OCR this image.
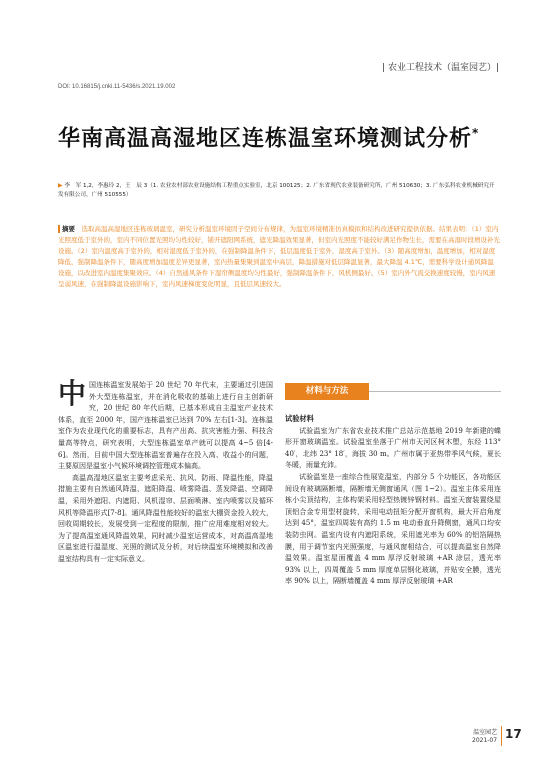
| 农业工程技术（温室园艺）|
DOI: 10.16815/j.cnki.11-5436/s.2021.19.002
华南高温高湿地区连栋温室环境测试分析*
▶ 李　军 1,2，李惠玲 2，王　辰 3（1. 农业农村部农业设施结构工程重点实验室，北京 100125；2. 广东省现代农业装备研究所，广州 510630；3. 广东弘科农业机械研究开发有限公司，广州 510555）
摘要　 选取高温高湿地区连栋玻璃温室，研究分析温室环境因子空间分布规律，为温室环境精准仿真模拟和结构改进研究提供依据。结果表明：（1）室内光照度低于室外的，室内不同位置光照均匀性较好，铺开遮阳网系统，遮光降温效果显著，但室内光照度不能较好满足作物生长，需要在高湿时段增设补光设施。（2）室内温度高于室外的，相对湿度低于室外的，在强制降温条件下，低层温度低于室外，湿度高于室外。（3）随高度增加，温度增加，相对湿度降低，强制降温条件下，随高度增加温度差异更显著，室内热量集聚到温室中高层，降温措施对低层降温显著，最大降温 4.1℃，需要科学设计通风降温设施，以改进室内温度集聚效应。（4）自然通风条件下湿帘侧温度均匀性最好，强制降温条件下，风机侧最好。（5）室内外气流交换速度较慢，室内风速呈弱风速，在强制降温设施影响下，室内风速梯度变化明显，且低层风速较大。
中 国连栋温室发展始于 20 世纪 70 年代末，主要通过引进国外大型连栋温室，并在消化吸收的基础上进行自主创新研究，20 世纪 80 年代后期，已基本形成自主温室产业技术体系，直至 2000 年，国产连栋温室已达到 70% 左右[1-3]。连栋温室作为农业现代化的重要标志，具有产出高、抗灾害能力强、科技含量高等特点，研究表明，大型连栋温室单产就可以提高 4~5 倍[4-6]。然而，目前中国大型连栋温室普遍存在投入高、收益小的问题，主要原因是温室小气候环境调控管理成本偏高。

高温高湿地区温室主要考虑采光、抗风、防雨、降温性能，降温措施主要有自然通风降温、遮阳降温、喷雾降温、蒸发降温、空调降温，采用外遮阳、内遮阳、风机湿帘、层面喷淋、室内喷雾以及循环风机等降温形式[7-8]。通风降温性能较好的温室大棚资金投入较大，回收周期较长，发展受到一定程度的限制，推广应用难度相对较大。为了提高温室通风降温效果，同时减少温室运营成本，对高温高湿地区温室进行温湿度、光照的测试及分析，对后续温室环境模拟和改善温室结构具有一定实际意义。

材料与方法
试验材料

试验温室为广东省农业技术推广总站示范基地 2019 年新建的蝶形开窗玻璃温室。试验温室坐落于广州市天河区柯木塱，东经 113° 40′，北纬 23° 18′，海拔 30 m。广州市属于亚热带季风气候，夏长冬暖，雨量充沛。

试验温室是一座综合性展览温室，内部分 5 个功能区，各功能区间设有玻璃隔断墙，隔断墙无侧窗通风（图 1~2）。温室主体采用连栋小尖顶结构，主体构架采用轻型热镀锌钢材料。温室天窗装置绕屋顶铝合金专用型材旋转，采用电动扭矩分配开窗机构，最大开启角度达到 45°，温室四周装有高约 1.5 m 电动垂直升降侧窗，通风口均安装防虫网。温室内设有内遮阳系统，采用遮光率为 60% 的铝箔隔热膜，用于调节室内光照强度，与通风窗相结合，可以提高温室自然降温效果。温室屋面覆盖 4 mm 厚浮反射玻璃 +AR 涂层，透光率 93% 以上，四周覆盖 5 mm 厚度单层钢化玻璃，并贴安全膜，透光率 90% 以上，隔断墙覆盖 4 mm 厚浮反射玻璃 +AR

温室园艺
2021-07 17
